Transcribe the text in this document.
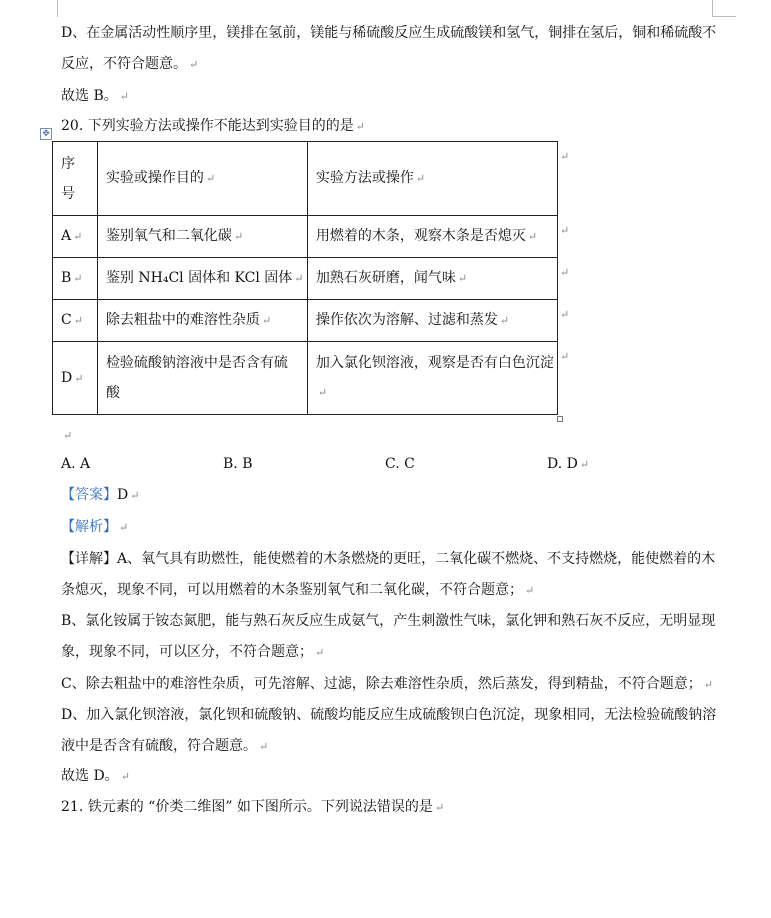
D、在金属活动性顺序里，镁排在氢前，镁能与稀硫酸反应生成硫酸镁和氢气，铜排在氢后，铜和稀硫酸不
反应，不符合题意。 ↵
故选 B。 ↵
20. 下列实验方法或操作不能达到实验目的的是 ↵
✥
序号	实验或操作目的 ↵	实验方法或操作 ↵
A ↵	鉴别氧气和二氧化碳 ↵	用燃着的木条，观察木条是否熄灭 ↵
B ↵	鉴别 NH₄Cl 固体和 KCl 固体 ↵	加熟石灰研磨，闻气味 ↵
C ↵	除去粗盐中的难溶性杂质 ↵	操作依次为溶解、过滤和蒸发 ↵
D ↵	检验硫酸钠溶液中是否含有硫酸	加入氯化钡溶液，观察是否有白色沉淀↵
↵
↵
↵
↵
↵
↵
A. A	B. B	C. C	D. D ↵
【答案】D ↵
【解析】 ↵
【详解】A、氧气具有助燃性，能使燃着的木条燃烧的更旺，二氧化碳不燃烧、不支持燃烧，能使燃着的木
条熄灭，现象不同，可以用燃着的木条鉴别氧气和二氧化碳，不符合题意； ↵
B、氯化铵属于铵态氮肥，能与熟石灰反应生成氨气，产生刺激性气味，氯化钾和熟石灰不反应，无明显现
象，现象不同，可以区分，不符合题意； ↵
C、除去粗盐中的难溶性杂质，可先溶解、过滤，除去难溶性杂质，然后蒸发，得到精盐，不符合题意； ↵
D、加入氯化钡溶液，氯化钡和硫酸钠、硫酸均能反应生成硫酸钡白色沉淀，现象相同，无法检验硫酸钠溶
液中是否含有硫酸，符合题意。 ↵
故选 D。 ↵
21. 铁元素的 “价类二维图” 如下图所示。下列说法错误的是 ↵
